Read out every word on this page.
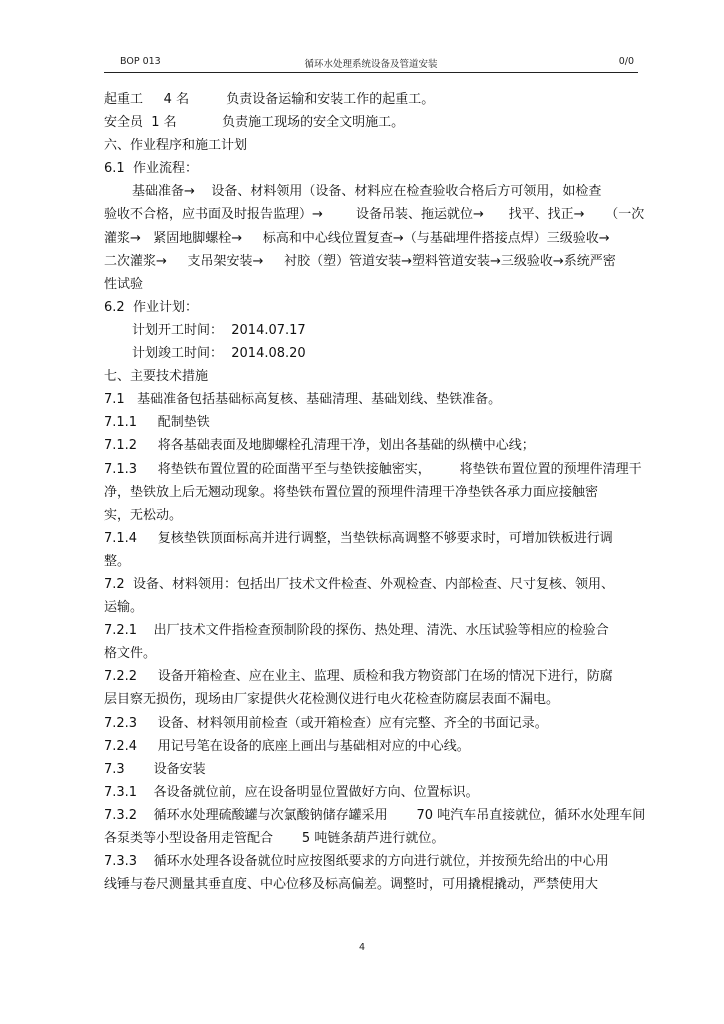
BOP 013	循环水处理系统设备及管道安装	0/0
起重工     4 名         负责设备运输和安装工作的起重工。
安全员  1 名           负责施工现场的安全文明施工。
六、作业程序和施工计划
6.1  作业流程：
基础准备→    设备、材料领用（设备、材料应在检查验收合格后方可领用，如检查
验收不合格，应书面及时报告监理）→        设备吊装、拖运就位→      找平、找正→     （一次
灌浆→   紧固地脚螺栓→     标高和中心线位置复查→（与基础埋件搭接点焊）三级验收→
二次灌浆→     支吊架安装→     衬胶（塑）管道安装→塑料管道安装→三级验收→系统严密
性试验
6.2  作业计划：
计划开工时间：  2014.07.17
计划竣工时间：  2014.08.20
七、主要技术措施
7.1   基础准备包括基础标高复核、基础清理、基础划线、垫铁准备。
7.1.1     配制垫铁
7.1.2     将各基础表面及地脚螺栓孔清理干净，划出各基础的纵横中心线；
7.1.3     将垫铁布置位置的砼面凿平至与垫铁接触密实，       将垫铁布置位置的预埋件清理干
净，垫铁放上后无翘动现象。将垫铁布置位置的预埋件清理干净垫铁各承力面应接触密
实，无松动。
7.1.4     复核垫铁顶面标高并进行调整，当垫铁标高调整不够要求时，可增加铁板进行调
整。
7.2  设备、材料领用：包括出厂技术文件检查、外观检查、内部检查、尺寸复核、领用、
运输。
7.2.1    出厂技术文件指检查预制阶段的探伤、热处理、清洗、水压试验等相应的检验合
格文件。
7.2.2     设备开箱检查、应在业主、监理、质检和我方物资部门在场的情况下进行，防腐
层目察无损伤，现场由厂家提供火花检测仪进行电火花检查防腐层表面不漏电。
7.2.3     设备、材料领用前检查（或开箱检查）应有完整、齐全的书面记录。
7.2.4     用记号笔在设备的底座上画出与基础相对应的中心线。
7.3       设备安装
7.3.1    各设备就位前，应在设备明显位置做好方向、位置标识。
7.3.2    循环水处理硫酸罐与次氯酸钠储存罐采用       70 吨汽车吊直接就位，循环水处理车间
各泵类等小型设备用走管配合       5 吨链条葫芦进行就位。
7.3.3    循环水处理各设备就位时应按图纸要求的方向进行就位，并按预先给出的中心用
线锤与卷尺测量其垂直度、中心位移及标高偏差。调整时，可用撬棍撬动，严禁使用大
4
